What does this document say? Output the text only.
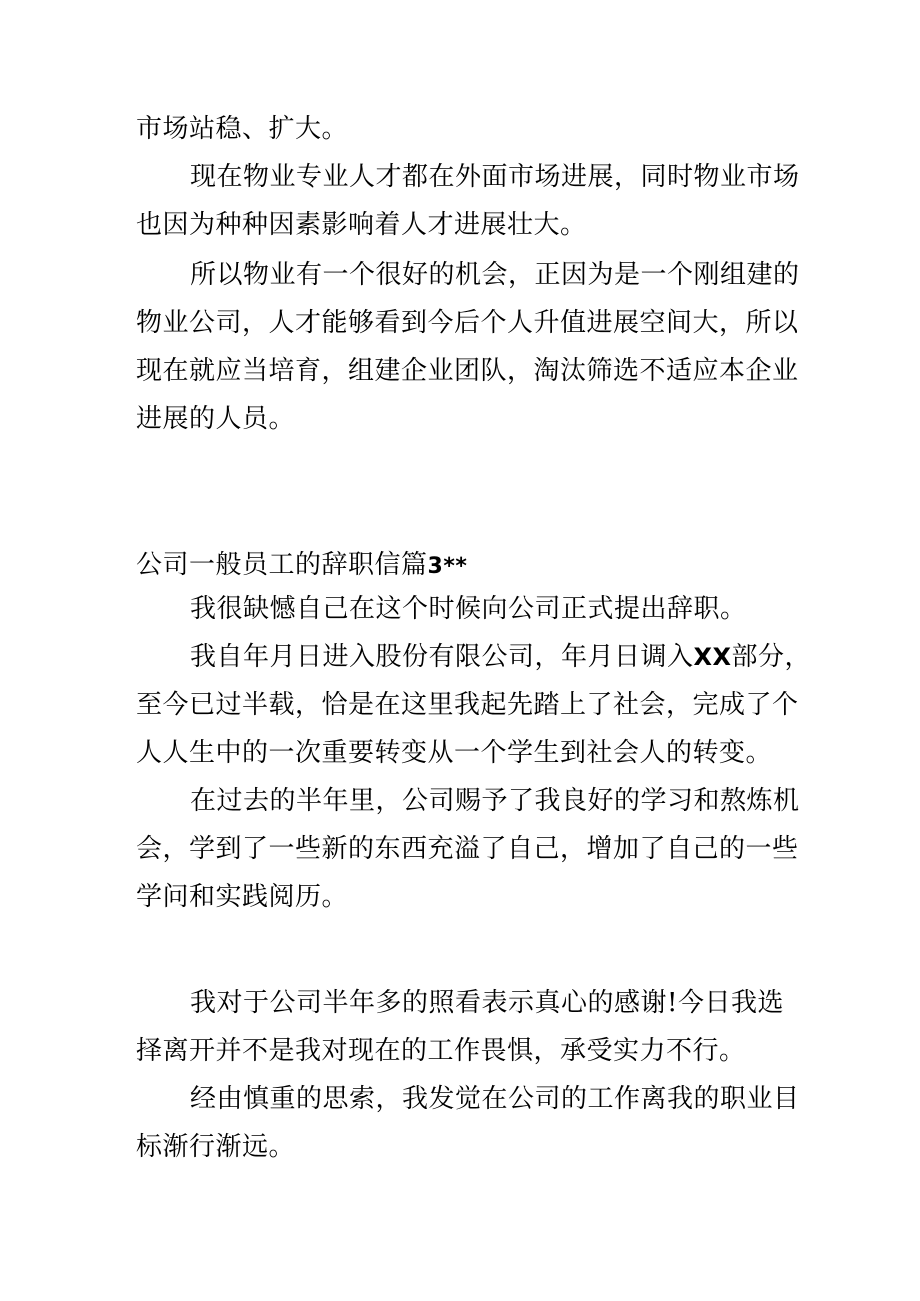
市场站稳、扩大。
现在物业专业人才都在外面市场进展，同时物业市场
也因为种种因素影响着人才进展壮大。
所以物业有一个很好的机会，正因为是一个刚组建的
物业公司，人才能够看到今后个人升值进展空间大，所以
现在就应当培育，组建企业团队，淘汰筛选不适应本企业
进展的人员。
公司一般员工的辞职信篇3**
我很缺憾自己在这个时候向公司正式提出辞职。
我自年月日进入股份有限公司，年月日调入XX部分，
至今已过半载，恰是在这里我起先踏上了社会，完成了个
人人生中的一次重要转变从一个学生到社会人的转变。
在过去的半年里，公司赐予了我良好的学习和熬炼机
会，学到了一些新的东西充溢了自己，增加了自己的一些
学问和实践阅历。
我对于公司半年多的照看表示真心的感谢!今日我选
择离开并不是我对现在的工作畏惧，承受实力不行。
经由慎重的思索，我发觉在公司的工作离我的职业目
标渐行渐远。
